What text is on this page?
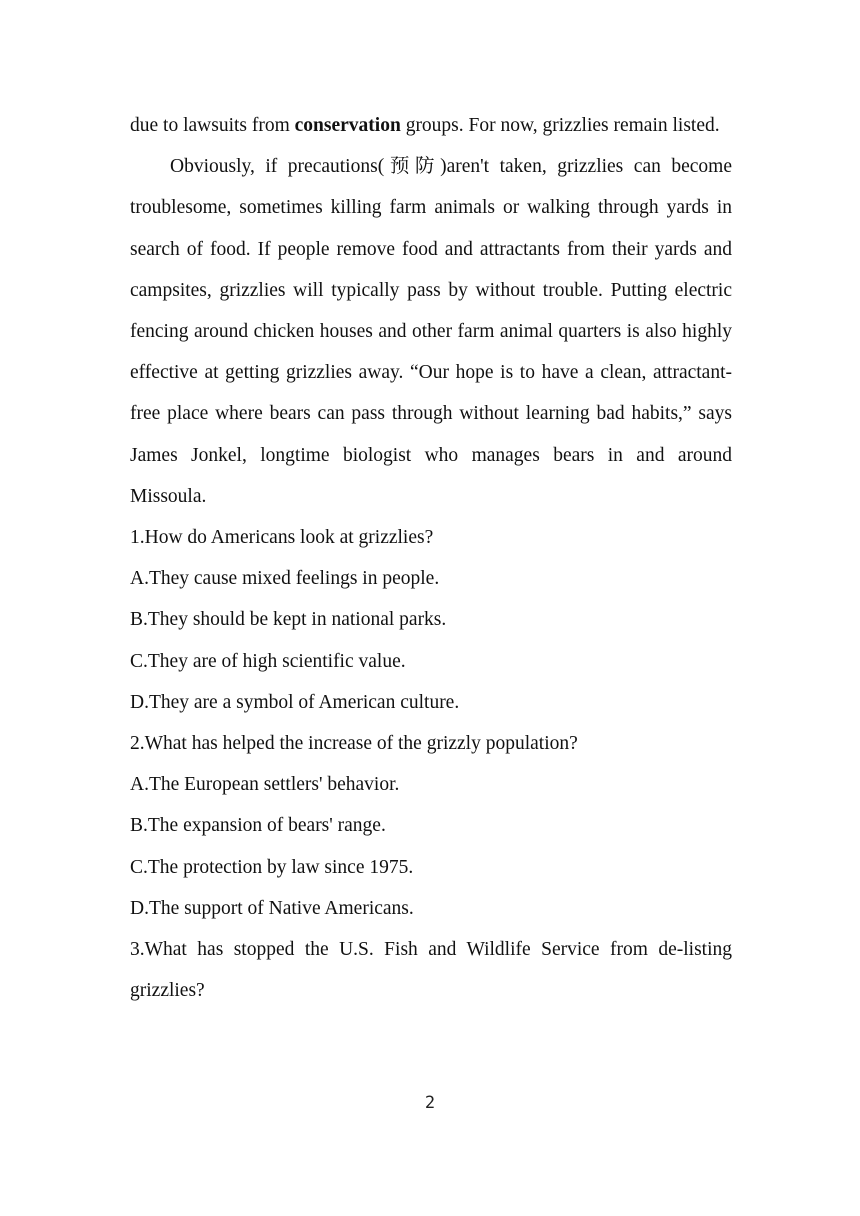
due to lawsuits from conservation groups. For now, grizzlies remain listed.

Obviously, if precautions(预防)aren't taken, grizzlies can become troublesome, sometimes killing farm animals or walking through yards in search of food. If people remove food and attractants from their yards and campsites, grizzlies will typically pass by without trouble. Putting electric fencing around chicken houses and other farm animal quarters is also highly effective at getting grizzlies away. “Our hope is to have a clean, attractant-free place where bears can pass through without learning bad habits,” says James Jonkel, longtime biologist who manages bears in and around Missoula.

1.How do Americans look at grizzlies?

A.They cause mixed feelings in people.

B.They should be kept in national parks.

C.They are of high scientific value.

D.They are a symbol of American culture.

2.What has helped the increase of the grizzly population?

A.The European settlers' behavior.

B.The expansion of bears' range.

C.The protection by law since 1975.

D.The support of Native Americans.

3.What has stopped the U.S. Fish and Wildlife Service from de-listing grizzlies?

2
